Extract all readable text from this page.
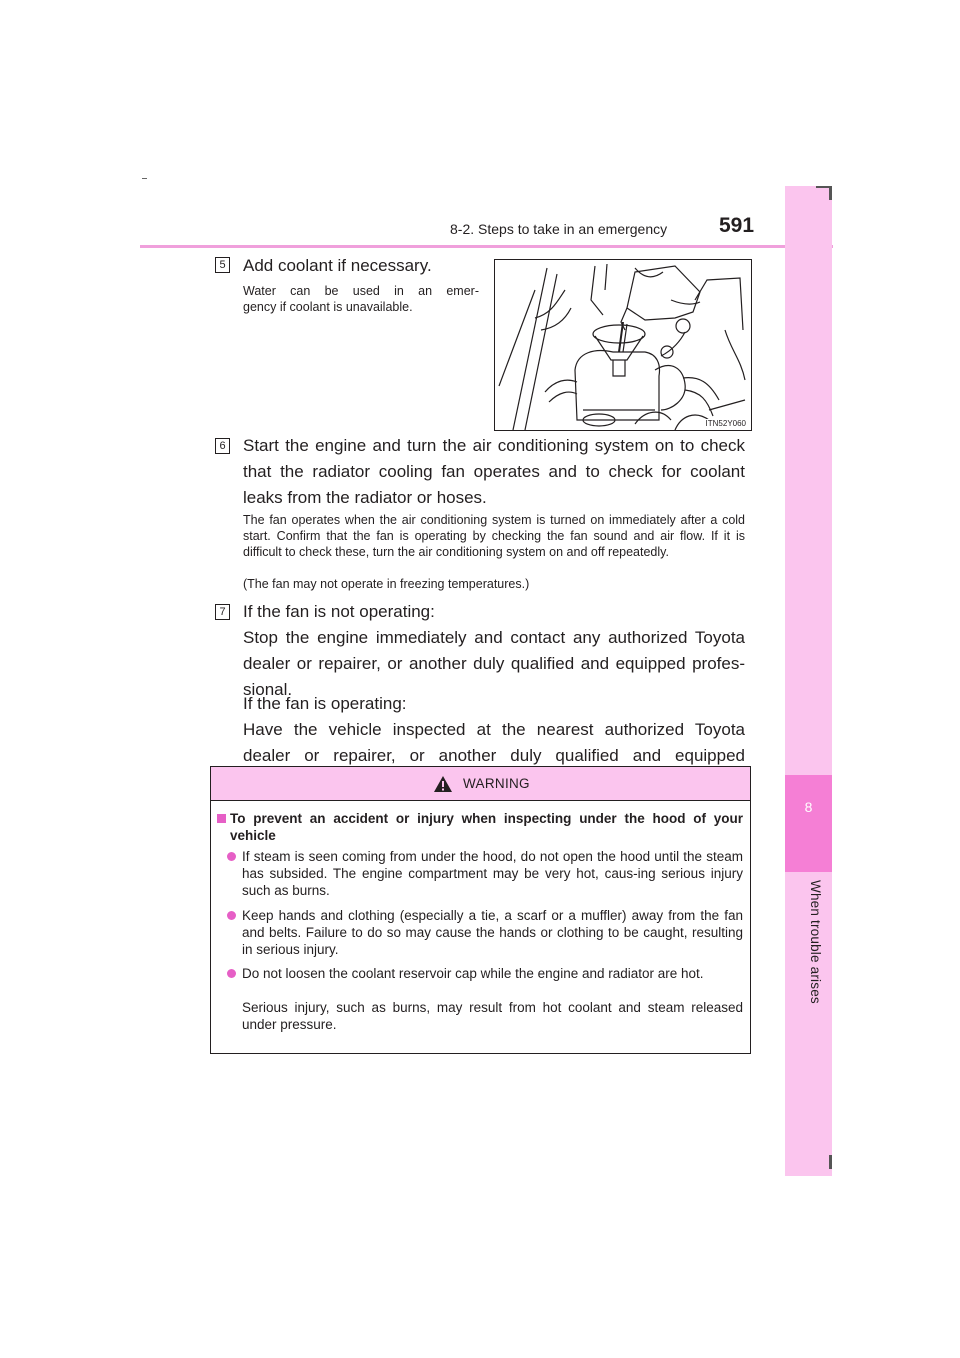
8-2. Steps to take in an emergency 591
8
When trouble arises
5 Add coolant if necessary.
Water can be used in an emer-
gency if coolant is unavailable.
ITN52Y060
6 Start the engine and turn the air conditioning system on to check that the radiator cooling fan operates and to check for coolant leaks from the radiator or hoses.
The fan operates when the air conditioning system is turned on immediately after a cold start. Confirm that the fan is operating by checking the fan sound and air flow. If it is difficult to check these, turn the air conditioning system on and off repeatedly.
(The fan may not operate in freezing temperatures.)
7 If the fan is not operating:
Stop the engine immediately and contact any authorized Toyota dealer or repairer, or another duly qualified and equipped profes-sional.
If the fan is operating:
Have the vehicle inspected at the nearest authorized Toyota dealer or repairer, or another duly qualified and equipped
WARNING
To prevent an accident or injury when inspecting under the hood of your vehicle
If steam is seen coming from under the hood, do not open the hood until the steam has subsided. The engine compartment may be very hot, caus-ing serious injury such as burns.
Keep hands and clothing (especially a tie, a scarf or a muffler) away from the fan and belts. Failure to do so may cause the hands or clothing to be caught, resulting in serious injury.
Do not loosen the coolant reservoir cap while the engine and radiator are hot.
Serious injury, such as burns, may result from hot coolant and steam released under pressure.
